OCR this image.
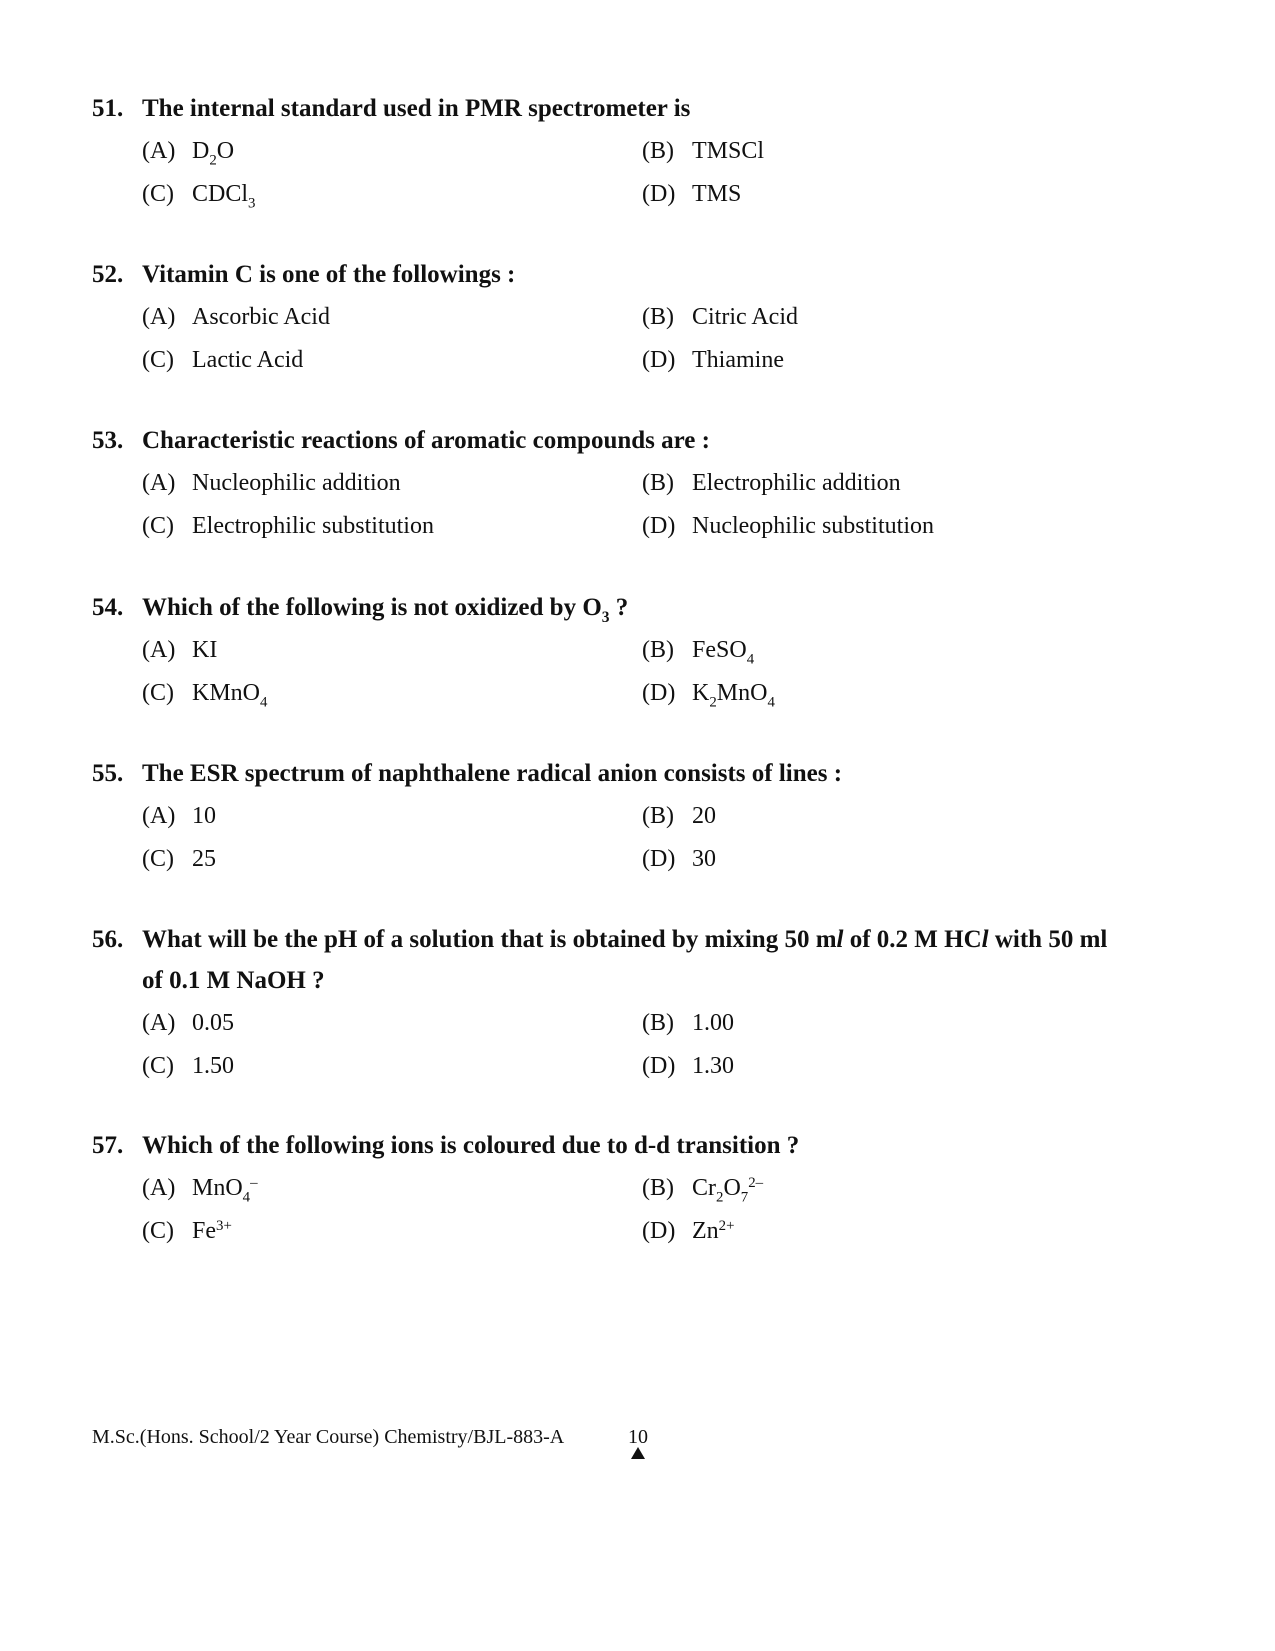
51. The internal standard used in PMR spectrometer is
(A) $D_2O$	(B) TMSCl
(C) CDCl$_3$	(D) TMS
52. Vitamin C is one of the followings :
(A) Ascorbic Acid	(B) Citric Acid
(C) Lactic Acid	(D) Thiamine
53. Characteristic reactions of aromatic compounds are :
(A) Nucleophilic addition	(B) Electrophilic addition
(C) Electrophilic substitution	(D) Nucleophilic substitution
54. Which of the following is not oxidized by $O_3$ ?
(A) KI	(B) FeSO$_4$
(C) KMnO$_4$	(D) $K_2MnO_4$
55. The ESR spectrum of naphthalene radical anion consists of lines :
(A) 10	(B) 20
(C) 25	(D) 30
56. What will be the pH of a solution that is obtained by mixing 50 ml of 0.2 M HCl with 50 ml
of 0.1 M NaOH ?
(A) 0.05	(B) 1.00
(C) 1.50	(D) 1.30
57. Which of the following ions is coloured due to d-d transition ?
(A) MnO$_4$–	(B) $Cr_2O_7^{2-}$
(C) $Fe^{3+}$	(D) $Zn^{2+}$
M.Sc.(Hons. School/2 Year Course) Chemistry/BJL-883-A	10
